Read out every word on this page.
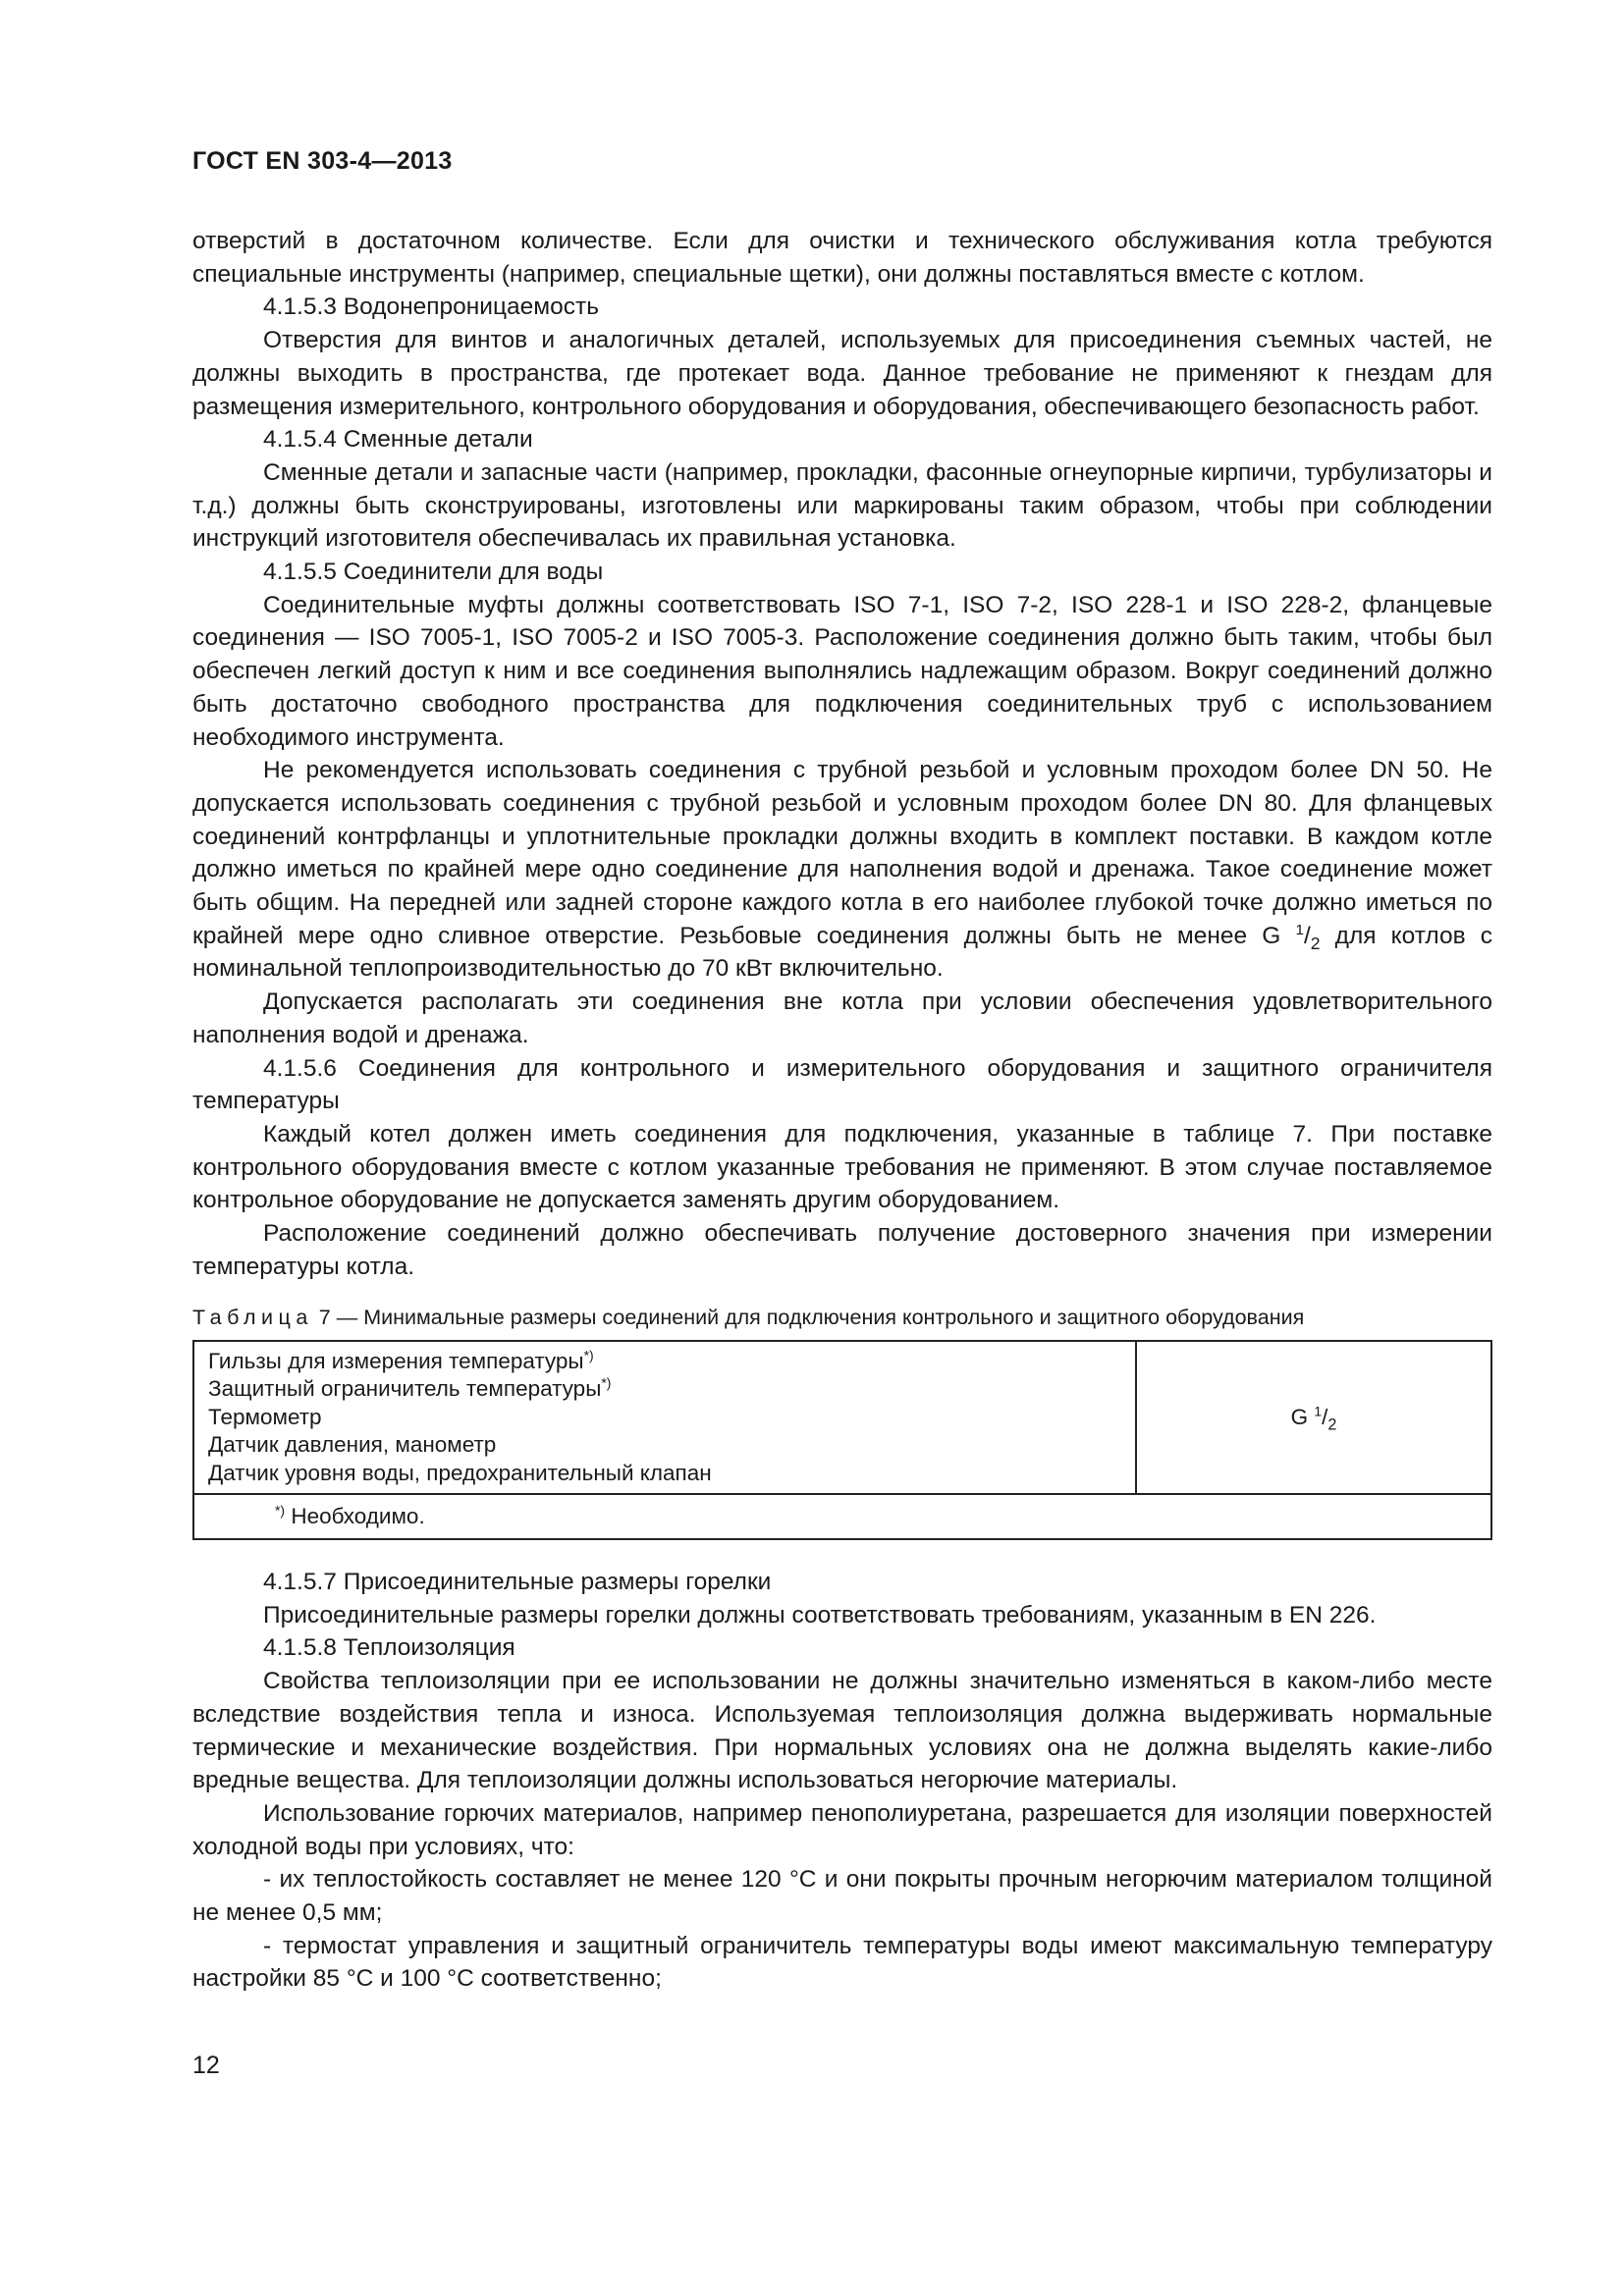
ГОСТ EN 303-4—2013

отверстий в достаточном количестве. Если для очистки и технического обслуживания котла требуются специальные инструменты (например, специальные щетки), они должны поставляться вместе с котлом.

4.1.5.3 Водонепроницаемость

Отверстия для винтов и аналогичных деталей, используемых для присоединения съемных частей, не должны выходить в пространства, где протекает вода. Данное требование не применяют к гнездам для размещения измерительного, контрольного оборудования и оборудования, обеспечивающего безопасность работ.

4.1.5.4 Сменные детали

Сменные детали и запасные части (например, прокладки, фасонные огнеупорные кирпичи, турбулизаторы и т.д.) должны быть сконструированы, изготовлены или маркированы таким образом, чтобы при соблюдении инструкций изготовителя обеспечивалась их правильная установка.

4.1.5.5 Соединители для воды

Соединительные муфты должны соответствовать ISO 7-1, ISO 7-2, ISO 228-1 и ISO 228-2, фланцевые соединения — ISO 7005-1, ISO 7005-2 и ISO 7005-3. Расположение соединения должно быть таким, чтобы был обеспечен легкий доступ к ним и все соединения выполнялись надлежащим образом. Вокруг соединений должно быть достаточно свободного пространства для подключения соединительных труб с использованием необходимого инструмента.

Не рекомендуется использовать соединения с трубной резьбой и условным проходом более DN 50. Не допускается использовать соединения с трубной резьбой и условным проходом более DN 80. Для фланцевых соединений контрфланцы и уплотнительные прокладки должны входить в комплект поставки. В каждом котле должно иметься по крайней мере одно соединение для наполнения водой и дренажа. Такое соединение может быть общим. На передней или задней стороне каждого котла в его наиболее глубокой точке должно иметься по крайней мере одно сливное отверстие. Резьбовые соединения должны быть не менее G $^1/_2$ для котлов с номинальной теплопроизводительностью до 70 кВт включительно.

Допускается располагать эти соединения вне котла при условии обеспечения удовлетворительного наполнения водой и дренажа.

4.1.5.6 Соединения для контрольного и измерительного оборудования и защитного ограничителя температуры

Каждый котел должен иметь соединения для подключения, указанные в таблице 7. При поставке контрольного оборудования вместе с котлом указанные требования не применяют. В этом случае поставляемое контрольное оборудование не допускается заменять другим оборудованием.

Расположение соединений должно обеспечивать получение достоверного значения при измерении температуры котла.

Таблица 7 — Минимальные размеры соединений для подключения контрольного и защитного оборудования
Гильзы для измерения температуры*)
Защитный ограничитель температуры*)
Термометр
Датчик давления, манометр
Датчик уровня воды, предохранительный клапан
	G $^1/_2$
*) Необходимо.

4.1.5.7 Присоединительные размеры горелки

Присоединительные размеры горелки должны соответствовать требованиям, указанным в EN 226.

4.1.5.8 Теплоизоляция

Свойства теплоизоляции при ее использовании не должны значительно изменяться в каком-либо месте вследствие воздействия тепла и износа. Используемая теплоизоляция должна выдерживать нормальные термические и механические воздействия. При нормальных условиях она не должна выделять какие-либо вредные вещества. Для теплоизоляции должны использоваться негорючие материалы.

Использование горючих материалов, например пенополиуретана, разрешается для изоляции поверхностей холодной воды при условиях, что:

- их теплостойкость составляет не менее 120 °С и они покрыты прочным негорючим материалом толщиной не менее 0,5 мм;

- термостат управления и защитный ограничитель температуры воды имеют максимальную температуру настройки 85 °С и 100 °С соответственно;

12
